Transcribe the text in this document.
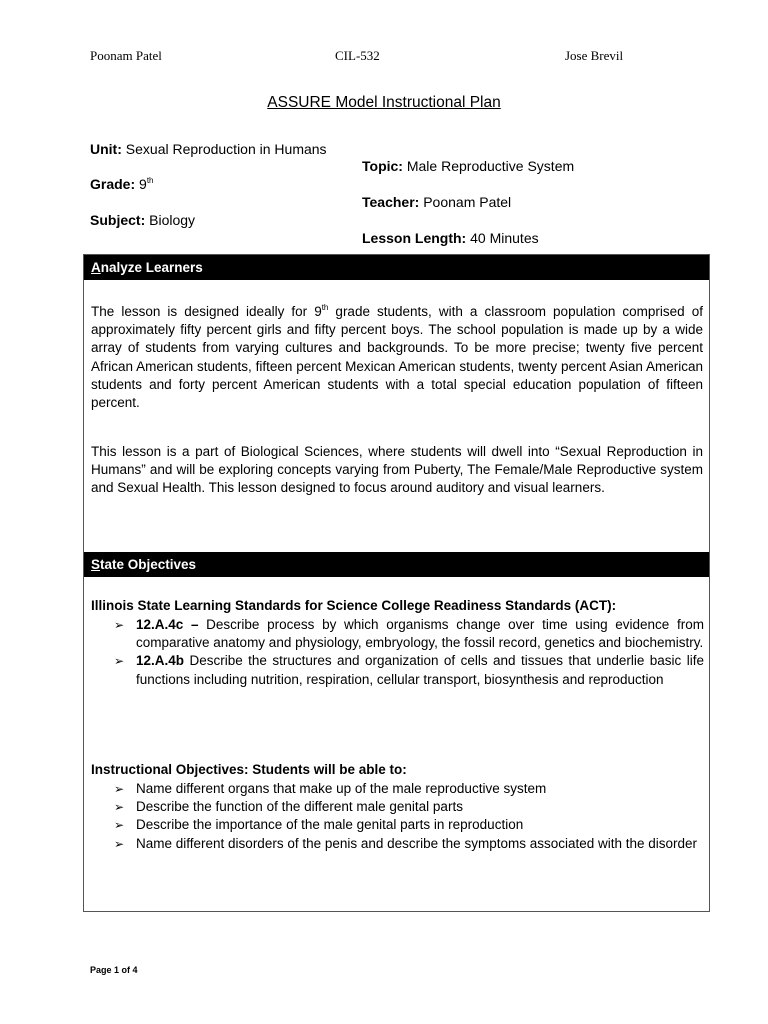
Poonam Patel	CIL-532	Jose Brevil
ASSURE Model Instructional Plan
Unit: Sexual Reproduction in Humans
Grade: 9th
Subject: Biology
Topic: Male Reproductive System
Teacher: Poonam Patel
Lesson Length: 40 Minutes
Analyze Learners
The lesson is designed ideally for 9th grade students, with a classroom population comprised of approximately fifty percent girls and fifty percent boys. The school population is made up by a wide array of students from varying cultures and backgrounds. To be more precise; twenty five percent African American students, fifteen percent Mexican American students, twenty percent Asian American students and forty percent American students with a total special education population of fifteen percent.
This lesson is a part of Biological Sciences, where students will dwell into “Sexual Reproduction in Humans” and will be exploring concepts varying from Puberty, The Female/Male Reproductive system and Sexual Health. This lesson designed to focus around auditory and visual learners.
State Objectives
Illinois State Learning Standards for Science College Readiness Standards (ACT):
➢ 12.A.4c – Describe process by which organisms change over time using evidence from comparative anatomy and physiology, embryology, the fossil record, genetics and biochemistry.
➢ 12.A.4b Describe the structures and organization of cells and tissues that underlie basic life functions including nutrition, respiration, cellular transport, biosynthesis and reproduction
Instructional Objectives: Students will be able to:
➢ Name different organs that make up of the male reproductive system
➢ Describe the function of the different male genital parts
➢ Describe the importance of the male genital parts in reproduction
➢ Name different disorders of the penis and describe the symptoms associated with the disorder
Page 1 of 4
